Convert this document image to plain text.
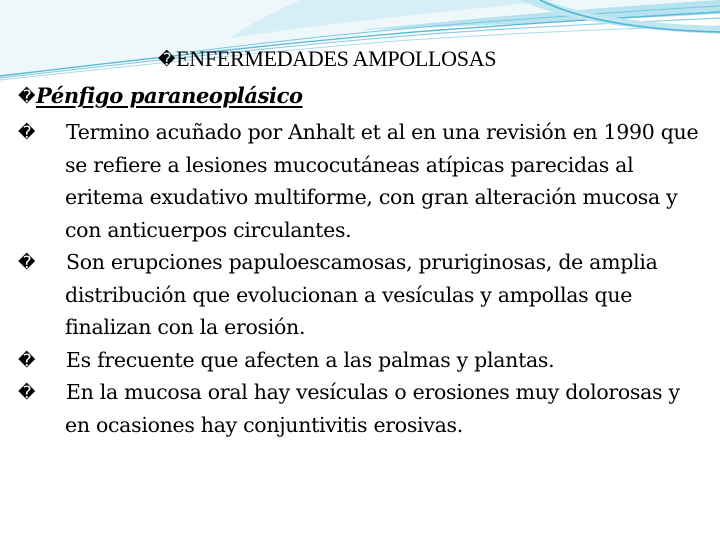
�ENFERMEDADES AMPOLLOSAS
�Pénfigo paraneoplásico
� Termino acuñado por Anhalt et al en una revisión en 1990 que se refiere a lesiones mucocutáneas atípicas parecidas al eritema exudativo multiforme, con gran alteración mucosa y con anticuerpos circulantes.
� Son erupciones papuloescamosas, pruriginosas, de amplia distribución que evolucionan a vesículas y ampollas que finalizan con la erosión.
� Es frecuente que afecten a las palmas y plantas.
� En la mucosa oral hay vesículas o erosiones muy dolorosas y en ocasiones hay conjuntivitis erosivas.
